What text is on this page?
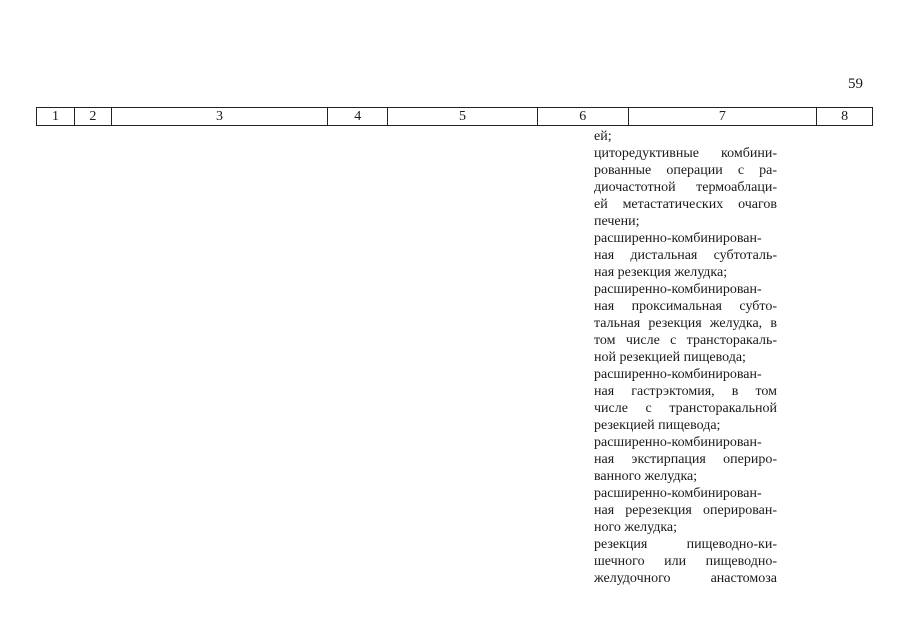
59
1	2	3	4	5	6	7	8
ей;
циторедуктивные комбини-
рованные операции с ра-
диочастотной термоаблаци-
ей метастатических очагов
печени;
расширенно-комбинирован-
ная дистальная субтоталь-
ная резекция желудка;
расширенно-комбинирован-
ная проксимальная субто-
тальная резекция желудка, в
том числе с трансторакаль-
ной резекцией пищевода;
расширенно-комбинирован-
ная гастрэктомия, в том
числе с трансторакальной
резекцией пищевода;
расширенно-комбинирован-
ная экстирпация опериро-
ванного желудка;
расширенно-комбинирован-
ная ререзекция оперирован-
ного желудка;
резекция пищеводно-ки-
шечного или пищеводно-
желудочного анастомоза
